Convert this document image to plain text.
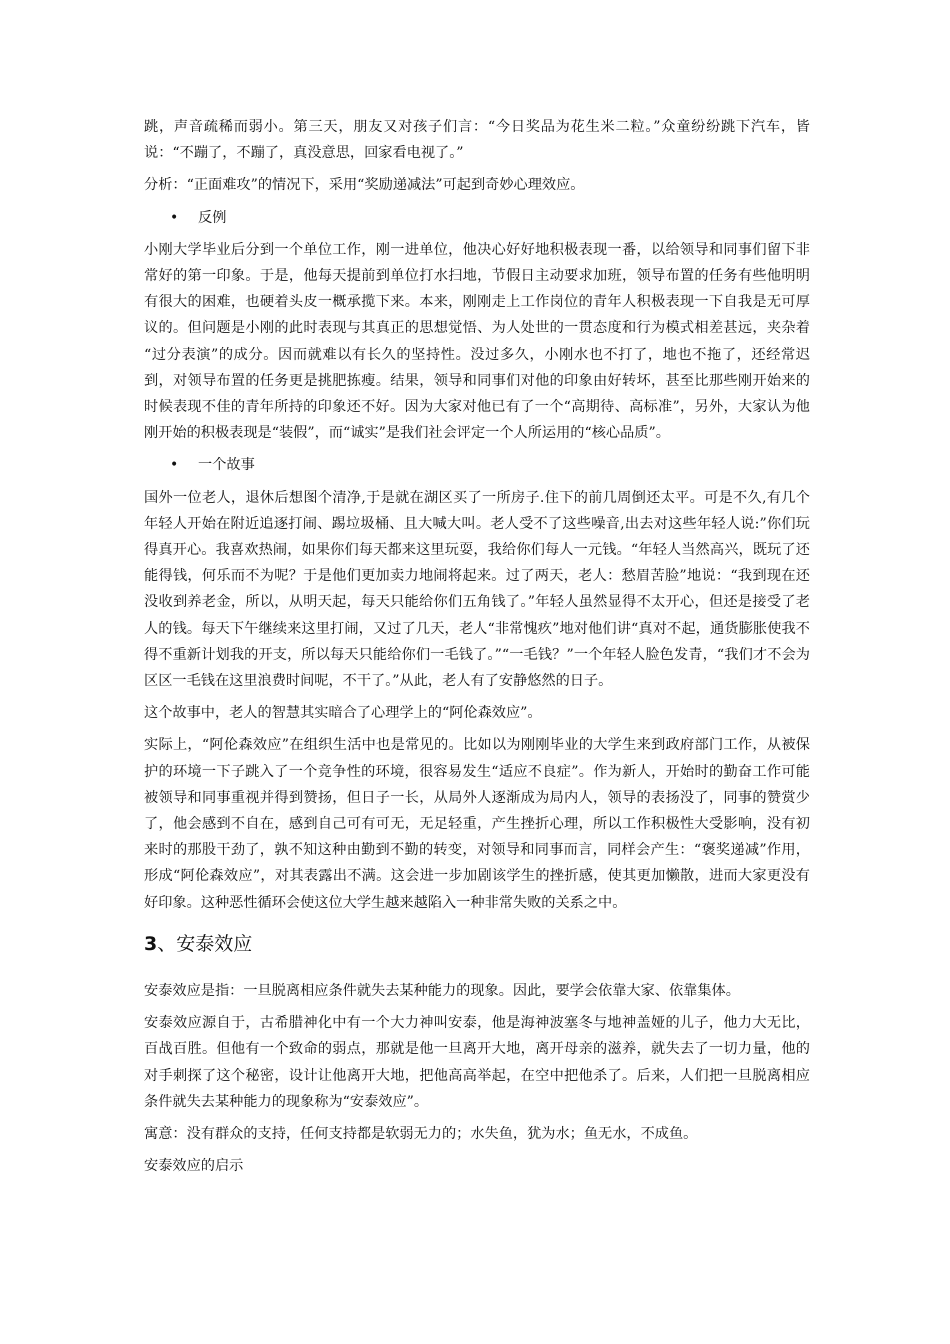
跳，声音疏稀而弱小。第三天，朋友又对孩子们言：“今日奖品为花生米二粒。”众童纷纷跳下汽车，皆说：“不蹦了，不蹦了，真没意思，回家看电视了。”

分析：“正面难攻”的情况下，采用“奖励递减法”可起到奇妙心理效应。

•	反例

小刚大学毕业后分到一个单位工作，刚一进单位，他决心好好地积极表现一番，以给领导和同事们留下非常好的第一印象。于是，他每天提前到单位打水扫地，节假日主动要求加班，领导布置的任务有些他明明有很大的困难，也硬着头皮一概承揽下来。本来，刚刚走上工作岗位的青年人积极表现一下自我是无可厚议的。但问题是小刚的此时表现与其真正的思想觉悟、为人处世的一贯态度和行为模式相差甚远，夹杂着 “过分表演”的成分。因而就难以有长久的坚持性。没过多久，小刚水也不打了，地也不拖了，还经常迟到，对领导布置的任务更是挑肥拣瘦。结果，领导和同事们对他的印象由好转坏，甚至比那些刚开始来的时候表现不佳的青年所持的印象还不好。因为大家对他已有了一个“高期待、高标准”，另外，大家认为他刚开始的积极表现是“装假”，而“诚实”是我们社会评定一个人所运用的“核心品质”。

•	一个故事

国外一位老人，退休后想图个清净,于是就在湖区买了一所房子.住下的前几周倒还太平。可是不久,有几个年轻人开始在附近追逐打闹、踢垃圾桶、且大喊大叫。老人受不了这些噪音,出去对这些年轻人说:”你们玩得真开心。我喜欢热闹，如果你们每天都来这里玩耍，我给你们每人一元钱。“年轻人当然高兴，既玩了还能得钱，何乐而不为呢？于是他们更加卖力地闹将起来。过了两天，老人：愁眉苦脸”地说：“我到现在还没收到养老金，所以，从明天起，每天只能给你们五角钱了。”年轻人虽然显得不太开心，但还是接受了老人的钱。每天下午继续来这里打闹，又过了几天，老人“非常愧疚”地对他们讲“真对不起，通货膨胀使我不得不重新计划我的开支，所以每天只能给你们一毛钱了。”“一毛钱？”一个年轻人脸色发青，“我们才不会为区区一毛钱在这里浪费时间呢，不干了。”从此，老人有了安静悠然的日子。

这个故事中，老人的智慧其实暗合了心理学上的“阿伦森效应”。

实际上，“阿伦森效应”在组织生活中也是常见的。比如以为刚刚毕业的大学生来到政府部门工作，从被保护的环境一下子跳入了一个竞争性的环境，很容易发生“适应不良症”。作为新人，开始时的勤奋工作可能被领导和同事重视并得到赞扬，但日子一长，从局外人逐渐成为局内人，领导的表扬没了，同事的赞赏少了，他会感到不自在，感到自己可有可无，无足轻重，产生挫折心理，所以工作积极性大受影响，没有初来时的那股干劲了，孰不知这种由勤到不勤的转变，对领导和同事而言，同样会产生：“褒奖递减”作用，形成“阿伦森效应”，对其表露出不满。这会进一步加剧该学生的挫折感，使其更加懒散，进而大家更没有好印象。这种恶性循环会使这位大学生越来越陷入一种非常失败的关系之中。

3、安泰效应

安泰效应是指：一旦脱离相应条件就失去某种能力的现象。因此，要学会依靠大家、依靠集体。

安泰效应源自于，古希腊神化中有一个大力神叫安泰，他是海神波塞冬与地神盖娅的儿子，他力大无比，百战百胜。但他有一个致命的弱点，那就是他一旦离开大地，离开母亲的滋养，就失去了一切力量，他的对手刺探了这个秘密，设计让他离开大地，把他高高举起，在空中把他杀了。后来，人们把一旦脱离相应条件就失去某种能力的现象称为“安泰效应”。

寓意：没有群众的支持，任何支持都是软弱无力的；水失鱼，犹为水；鱼无水，不成鱼。

安泰效应的启示
